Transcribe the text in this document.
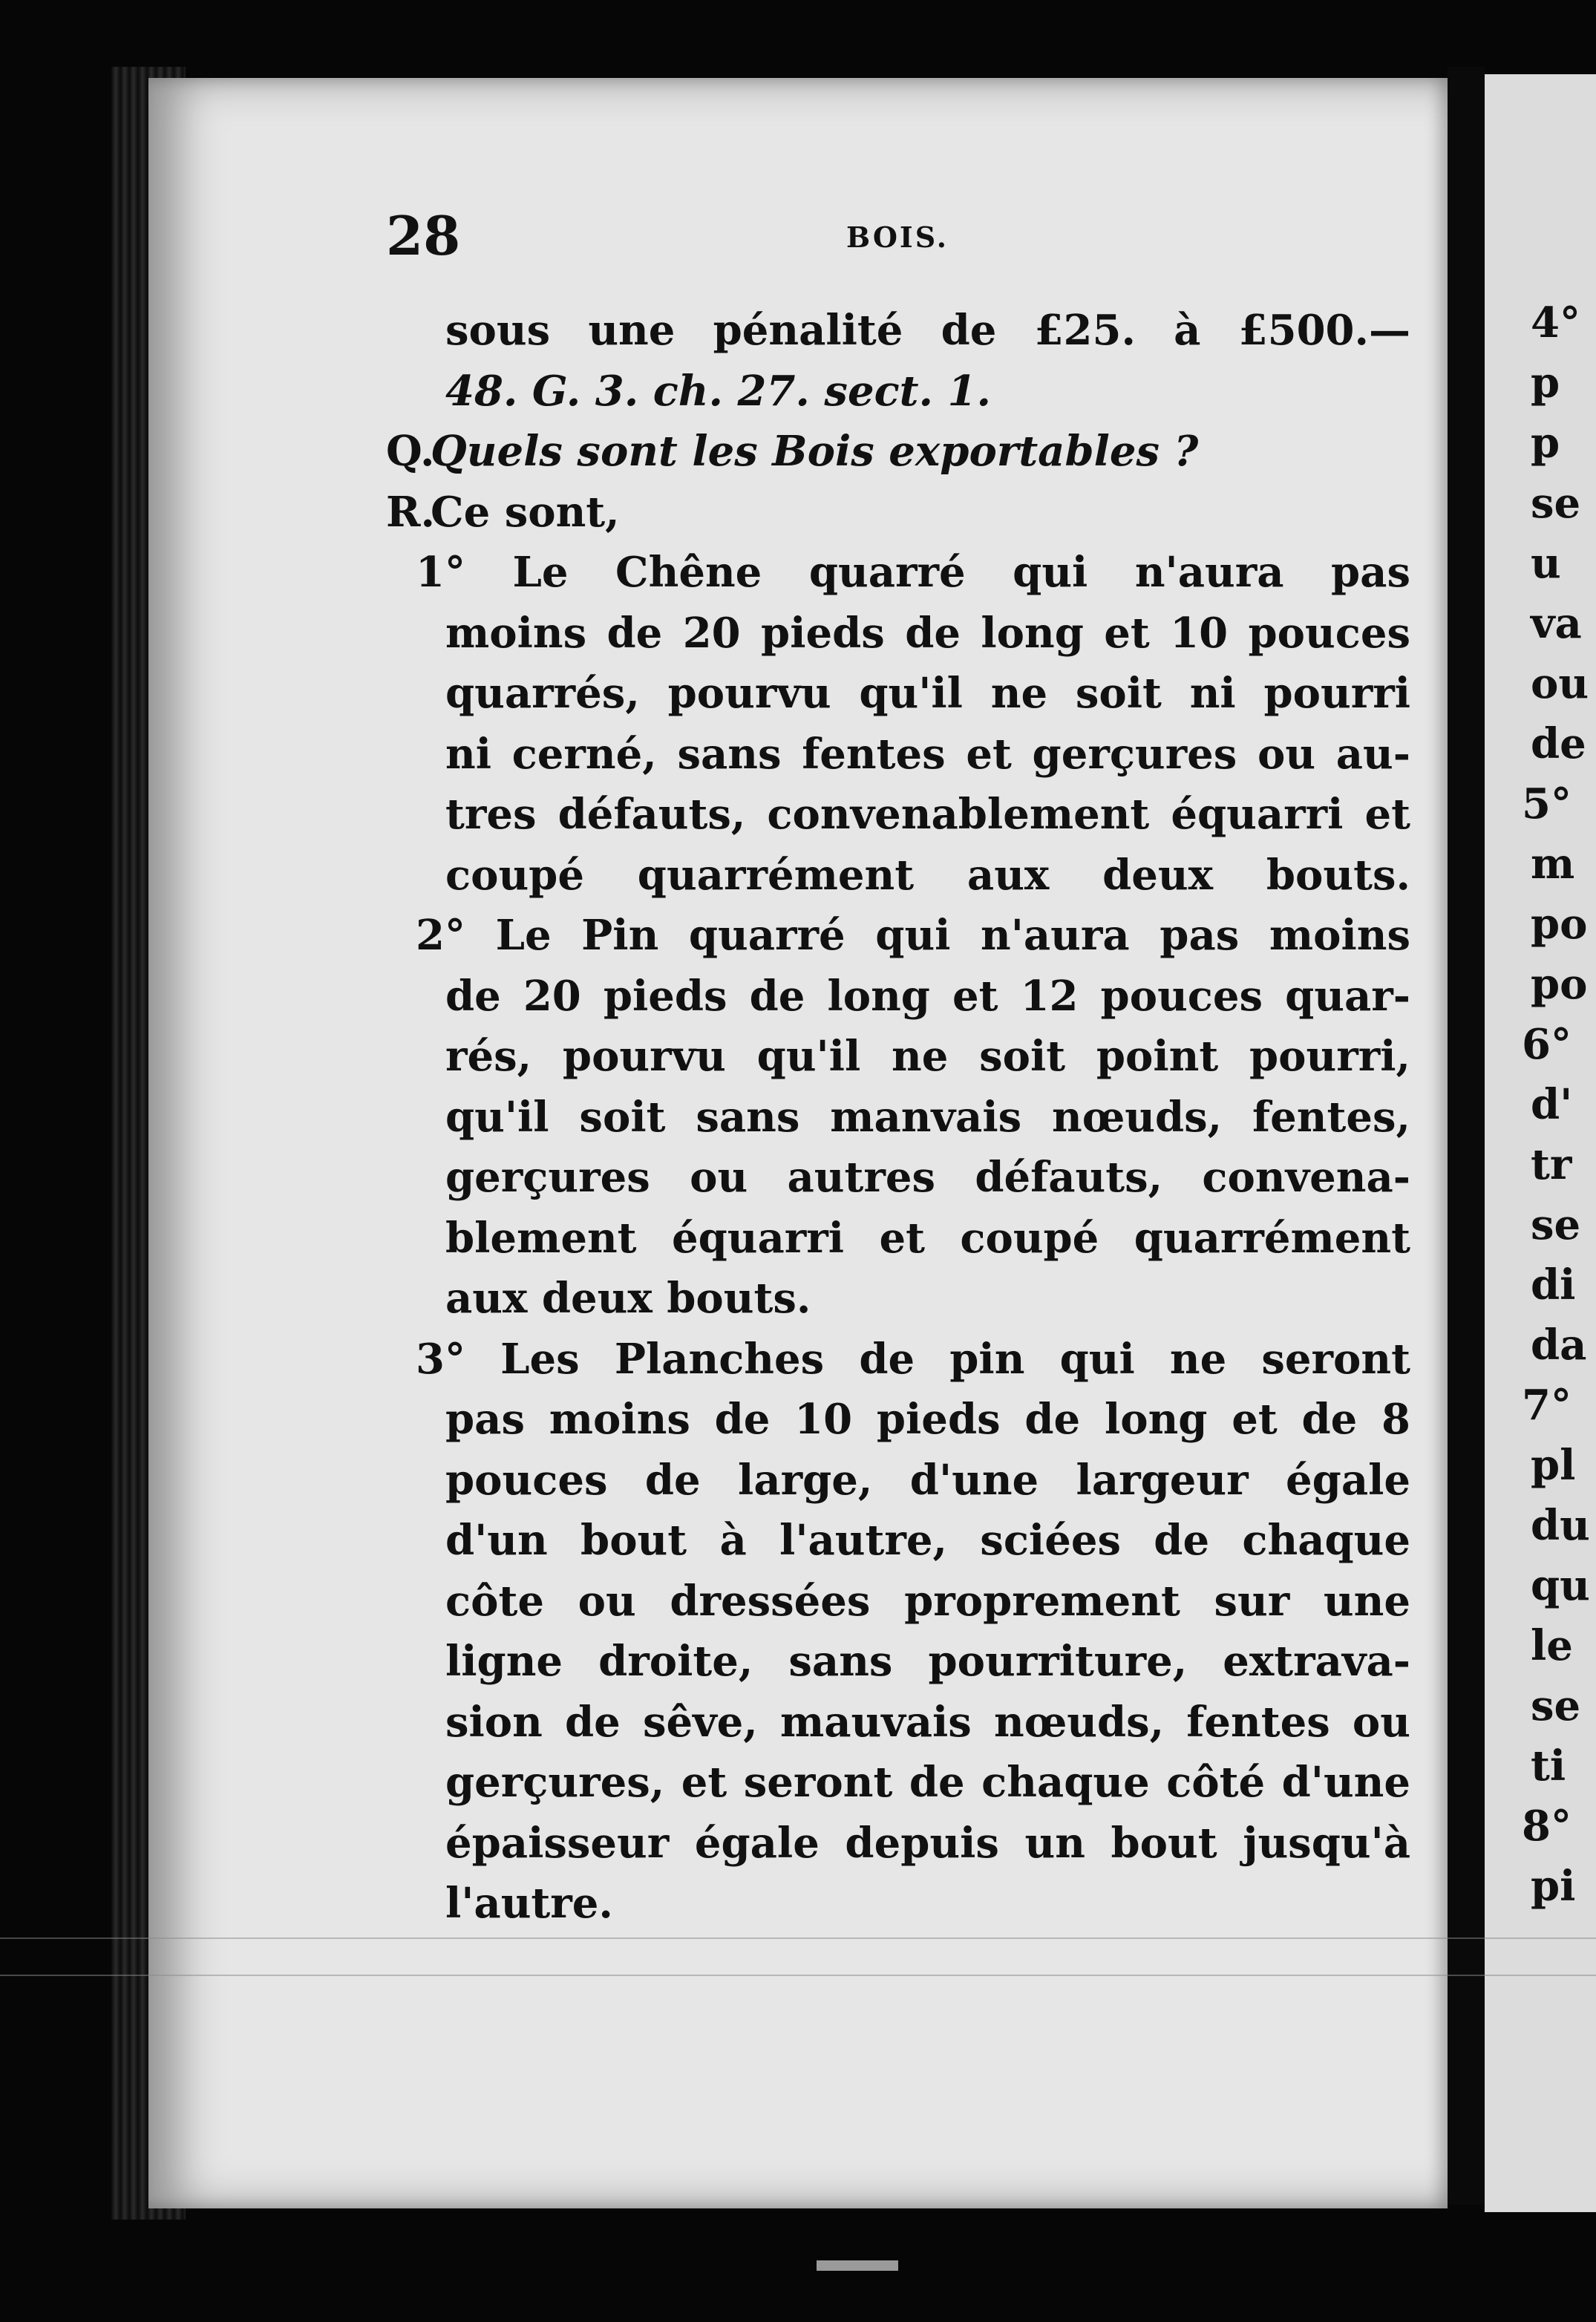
4°
p
p
se
u
va
ou
de
5°
m
po
po
6°
d'
tr
se
di
da
7°
pl
du
qu
le
se
ti
8°
pi
28	BOIS.
sous une pénalité de £25. à £500.—
48. G. 3. ch. 27. sect. 1.
Q.Quels sont les Bois exportables ?
R.Ce sont,
1° Le Chêne quarré qui n'aura pas
moins de 20 pieds de long et 10 pouces
quarrés, pourvu qu'il ne soit ni pourri
ni cerné, sans fentes et gerçures ou au-
tres défauts, convenablement équarri et
coupé quarrément aux deux bouts.
2° Le Pin quarré qui n'aura pas moins
de 20 pieds de long et 12 pouces quar-
rés, pourvu qu'il ne soit point pourri,
qu'il soit sans manvais nœuds, fentes,
gerçures ou autres défauts, convena-
blement équarri et coupé quarrément
aux deux bouts.
3° Les Planches de pin qui ne seront
pas moins de 10 pieds de long et de 8
pouces de large, d'une largeur égale
d'un bout à l'autre, sciées de chaque
côte ou dressées proprement sur une
ligne droite, sans pourriture, extrava-
sion de sêve, mauvais nœuds, fentes ou
gerçures, et seront de chaque côté d'une
épaisseur égale depuis un bout jusqu'à
l'autre.
